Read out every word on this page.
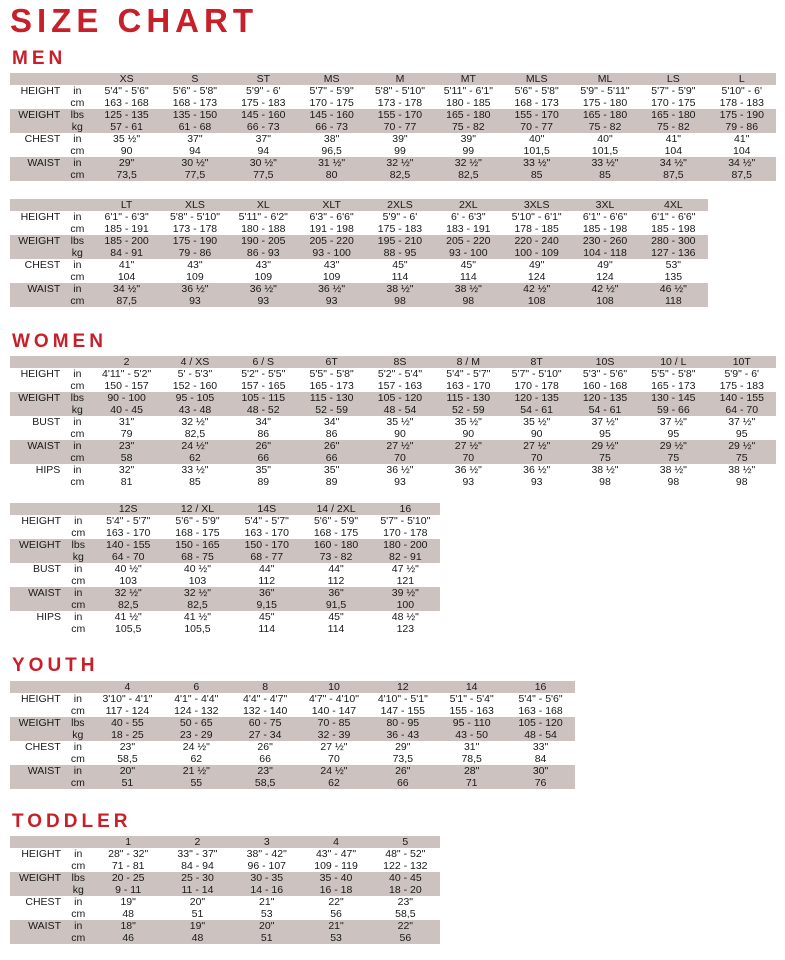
SIZE CHART
MEN
		XS	S	ST	MS	M	MT	MLS	ML	LS	L
HEIGHT	in	5'4" - 5'6"	5'6" - 5'8"	5'9" - 6'	5'7" - 5'9"	5'8" - 5'10"	5'11" - 6'1"	5'6" - 5'8"	5'9" - 5'11"	5'7" - 5'9"	5'10" - 6'
	cm	163 - 168	168 - 173	175 - 183	170 - 175	173 - 178	180 - 185	168 - 173	175 - 180	170 - 175	178 - 183
WEIGHT	lbs	125 - 135	135 - 150	145 - 160	145 - 160	155 - 170	165 - 180	155 - 170	165 - 180	165 - 180	175 - 190
	kg	57 - 61	61 - 68	66 - 73	66 - 73	70 - 77	75 - 82	70 - 77	75 - 82	75 - 82	79 - 86
CHEST	in	35 ½"	37"	37"	38"	39"	39"	40"	40"	41"	41"
	cm	90	94	94	96,5	99	99	101,5	101,5	104	104
WAIST	in	29"	30 ½"	30 ½"	31 ½"	32 ½"	32 ½"	33 ½"	33 ½"	34 ½"	34 ½"
	cm	73,5	77,5	77,5	80	82,5	82,5	85	85	87,5	87,5
		LT	XLS	XL	XLT	2XLS	2XL	3XLS	3XL	4XL	
HEIGHT	in	6'1" - 6'3"	5'8" - 5'10"	5'11" - 6'2"	6'3" - 6'6"	5'9" - 6'	6' - 6'3"	5'10" - 6'1"	6'1" - 6'6"	6'1" - 6'6"	
	cm	185 - 191	173 - 178	180 - 188	191 - 198	175 - 183	183 - 191	178 - 185	185 - 198	185 - 198	
WEIGHT	lbs	185 - 200	175 - 190	190 - 205	205 - 220	195 - 210	205 - 220	220 - 240	230 - 260	280 - 300	
	kg	84 - 91	79 - 86	86 - 93	93 - 100	88 - 95	93 - 100	100 - 109	104 - 118	127 - 136	
CHEST	in	41"	43"	43"	43"	45"	45"	49"	49"	53"	
	cm	104	109	109	109	114	114	124	124	135	
WAIST	in	34 ½"	36 ½"	36 ½"	36 ½"	38 ½"	38 ½"	42 ½"	42 ½"	46 ½"	
	cm	87,5	93	93	93	98	98	108	108	118	
WOMEN
		2	4 / XS	6 / S	6T	8S	8 / M	8T	10S	10 / L	10T
HEIGHT	in	4'11" - 5'2"	5' - 5'3"	5'2" - 5'5"	5'5" - 5'8"	5'2" - 5'4"	5'4" - 5'7"	5'7" - 5'10"	5'3" - 5'6"	5'5" - 5'8"	5'9" - 6'
	cm	150 - 157	152 - 160	157 - 165	165 - 173	157 - 163	163 - 170	170 - 178	160 - 168	165 - 173	175 - 183
WEIGHT	lbs	90 - 100	95 - 105	105 - 115	115 - 130	105 - 120	115 - 130	120 - 135	120 - 135	130 - 145	140 - 155
	kg	40 - 45	43 - 48	48 - 52	52 - 59	48 - 54	52 - 59	54 - 61	54 - 61	59 - 66	64 - 70
BUST	in	31"	32 ½"	34"	34"	35 ½"	35 ½"	35 ½"	37 ½"	37 ½"	37 ½"
	cm	79	82,5	86	86	90	90	90	95	95	95
WAIST	in	23"	24 ½"	26"	26"	27 ½"	27 ½"	27 ½"	29 ½"	29 ½"	29 ½"
	cm	58	62	66	66	70	70	70	75	75	75
HIPS	in	32"	33 ½"	35"	35"	36 ½"	36 ½"	36 ½"	38 ½"	38 ½"	38 ½"
	cm	81	85	89	89	93	93	93	98	98	98
		12S	12 / XL	14S	14 / 2XL	16
HEIGHT	in	5'4" - 5'7"	5'6" - 5'9"	5'4" - 5'7"	5'6" - 5'9"	5'7" - 5'10"
	cm	163 - 170	168 - 175	163 - 170	168 - 175	170 - 178
WEIGHT	lbs	140 - 155	150 - 165	150 - 170	160 - 180	180 - 200
	kg	64 - 70	68 - 75	68 - 77	73 - 82	82 - 91
BUST	in	40 ½"	40 ½"	44"	44"	47 ½"
	cm	103	103	112	112	121
WAIST	in	32 ½"	32 ½"	36"	36"	39 ½"
	cm	82,5	82,5	9,15	91,5	100
HIPS	in	41 ½"	41 ½"	45"	45"	48 ½"
	cm	105,5	105,5	114	114	123
YOUTH
		4	6	8	10	12	14	16
HEIGHT	in	3'10" - 4'1"	4'1" - 4'4"	4'4" - 4'7"	4'7" - 4'10"	4'10" - 5'1"	5'1" - 5'4"	5'4" - 5'6"
	cm	117 - 124	124 - 132	132 - 140	140 - 147	147 - 155	155 - 163	163 - 168
WEIGHT	lbs	40 - 55	50 - 65	60 - 75	70 - 85	80 - 95	95 - 110	105 - 120
	kg	18 - 25	23 - 29	27 - 34	32 - 39	36 - 43	43 - 50	48 - 54
CHEST	in	23"	24 ½"	26"	27 ½"	29"	31"	33"
	cm	58,5	62	66	70	73,5	78,5	84
WAIST	in	20"	21 ½"	23"	24 ½"	26"	28"	30"
	cm	51	55	58,5	62	66	71	76
TODDLER
		1	2	3	4	5
HEIGHT	in	28" - 32"	33" - 37"	38" - 42"	43" - 47"	48" - 52"
	cm	71 - 81	84 - 94	96 - 107	109 - 119	122 - 132
WEIGHT	lbs	20 - 25	25 - 30	30 - 35	35 - 40	40 - 45
	kg	9 - 11	11 - 14	14 - 16	16 - 18	18 - 20
CHEST	in	19"	20"	21"	22"	23"
	cm	48	51	53	56	58,5
WAIST	in	18"	19"	20"	21"	22"
	cm	46	48	51	53	56
